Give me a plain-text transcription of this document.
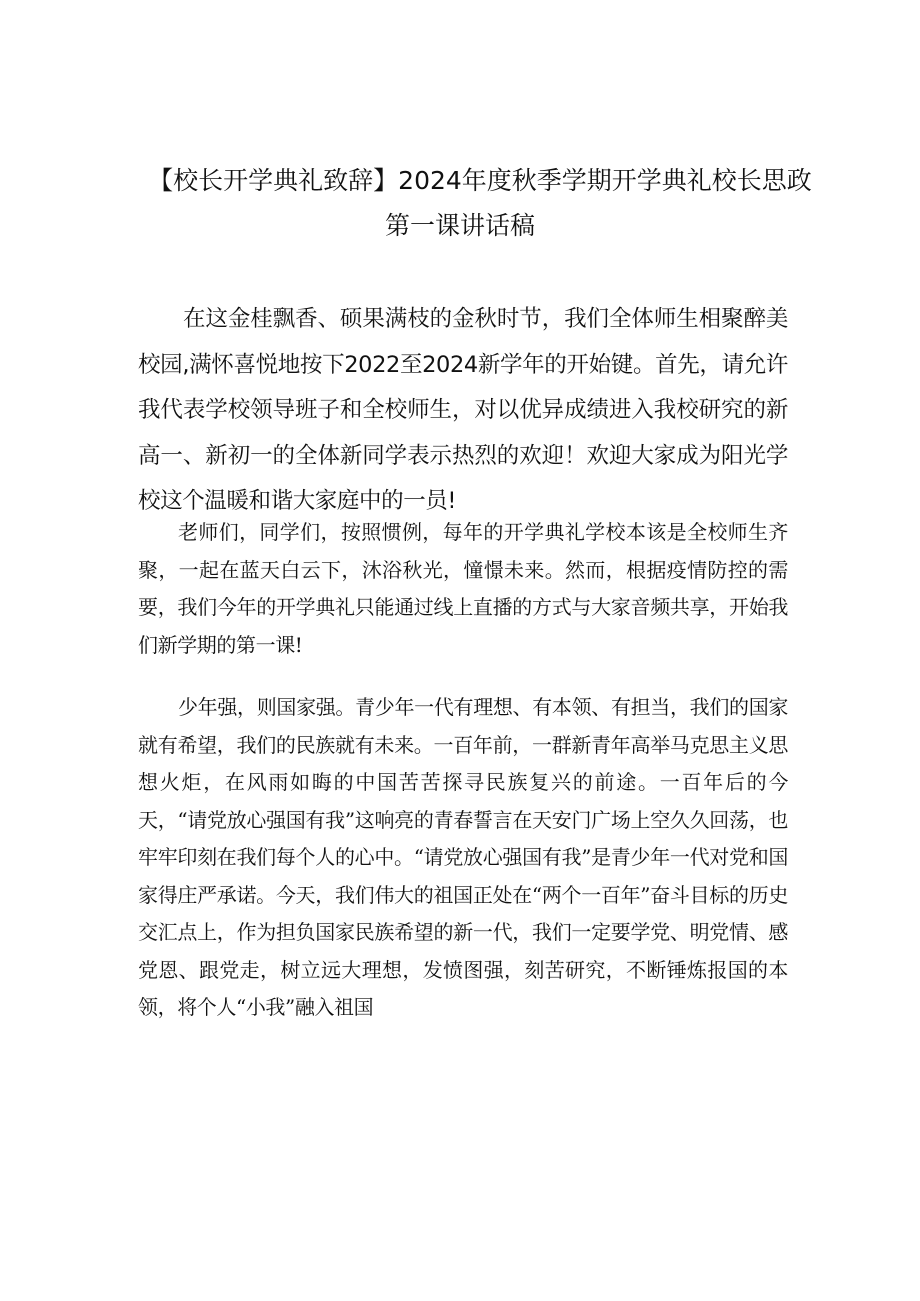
【校长开学典礼致辞】2024年度秋季学期开学典礼校长思政
第一课讲话稿

在这金桂飘香、硕果满枝的金秋时节，我们全体师生相聚醉美校园,满怀喜悦地按下2022至2024新学年的开始键。首先，请允许我代表学校领导班子和全校师生，对以优异成绩进入我校研究的新高一、新初一的全体新同学表示热烈的欢迎！欢迎大家成为阳光学校这个温暖和谐大家庭中的一员!

老师们，同学们，按照惯例，每年的开学典礼学校本该是全校师生齐聚，一起在蓝天白云下，沐浴秋光，憧憬未来。然而，根据疫情防控的需要，我们今年的开学典礼只能通过线上直播的方式与大家音频共享，开始我们新学期的第一课!

少年强，则国家强。青少年一代有理想、有本领、有担当，我们的国家就有希望，我们的民族就有未来。一百年前，一群新青年高举马克思主义思想火炬，在风雨如晦的中国苦苦探寻民族复兴的前途。一百年后的今天，“请党放心强国有我”这响亮的青春誓言在天安门广场上空久久回荡，也牢牢印刻在我们每个人的心中。“请党放心强国有我”是青少年一代对党和国家得庄严承诺。今天，我们伟大的祖国正处在“两个一百年”奋斗目标的历史交汇点上，作为担负国家民族希望的新一代，我们一定要学党、明党情、感党恩、跟党走，树立远大理想，发愤图强，刻苦研究，不断锤炼报国的本领，将个人“小我”融入祖国
